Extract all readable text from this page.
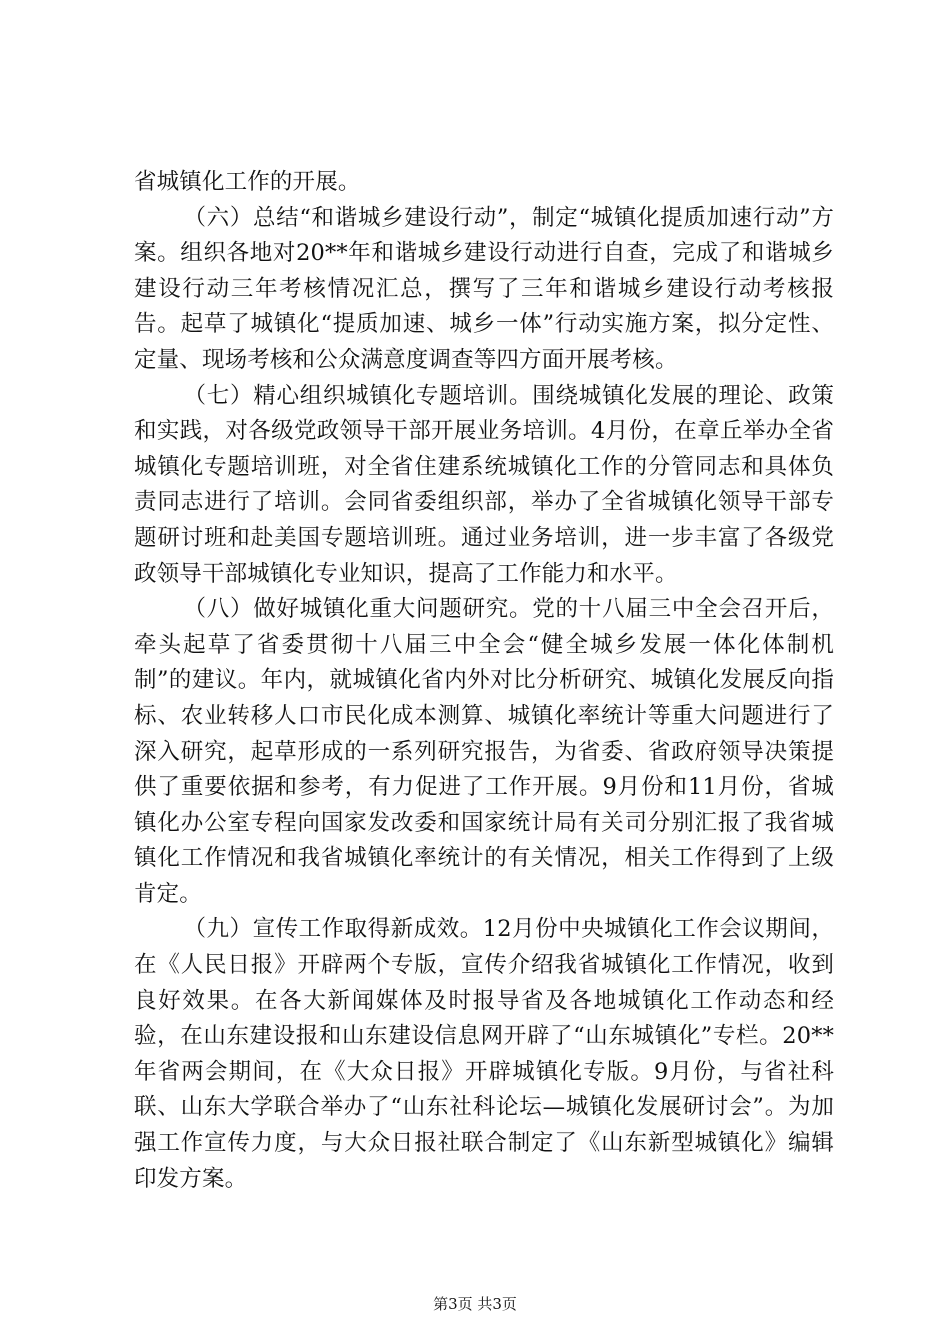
省城镇化工作的开展。

（六）总结“和谐城乡建设行动”，制定“城镇化提质加速行动”方案。组织各地对20**年和谐城乡建设行动进行自查，完成了和谐城乡建设行动三年考核情况汇总，撰写了三年和谐城乡建设行动考核报告。起草了城镇化“提质加速、城乡一体”行动实施方案，拟分定性、定量、现场考核和公众满意度调查等四方面开展考核。

（七）精心组织城镇化专题培训。围绕城镇化发展的理论、政策和实践，对各级党政领导干部开展业务培训。4月份，在章丘举办全省城镇化专题培训班，对全省住建系统城镇化工作的分管同志和具体负责同志进行了培训。会同省委组织部，举办了全省城镇化领导干部专题研讨班和赴美国专题培训班。通过业务培训，进一步丰富了各级党政领导干部城镇化专业知识，提高了工作能力和水平。

（八）做好城镇化重大问题研究。党的十八届三中全会召开后，牵头起草了省委贯彻十八届三中全会“健全城乡发展一体化体制机制”的建议。年内，就城镇化省内外对比分析研究、城镇化发展反向指标、农业转移人口市民化成本测算、城镇化率统计等重大问题进行了深入研究，起草形成的一系列研究报告，为省委、省政府领导决策提供了重要依据和参考，有力促进了工作开展。9月份和11月份，省城镇化办公室专程向国家发改委和国家统计局有关司分别汇报了我省城镇化工作情况和我省城镇化率统计的有关情况，相关工作得到了上级肯定。

（九）宣传工作取得新成效。12月份中央城镇化工作会议期间，在《人民日报》开辟两个专版，宣传介绍我省城镇化工作情况，收到良好效果。在各大新闻媒体及时报导省及各地城镇化工作动态和经验，在山东建设报和山东建设信息网开辟了“山东城镇化”专栏。20**年省两会期间，在《大众日报》开辟城镇化专版。9月份，与省社科联、山东大学联合举办了“山东社科论坛—城镇化发展研讨会”。为加强工作宣传力度，与大众日报社联合制定了《山东新型城镇化》编辑印发方案。

第3页 共3页
